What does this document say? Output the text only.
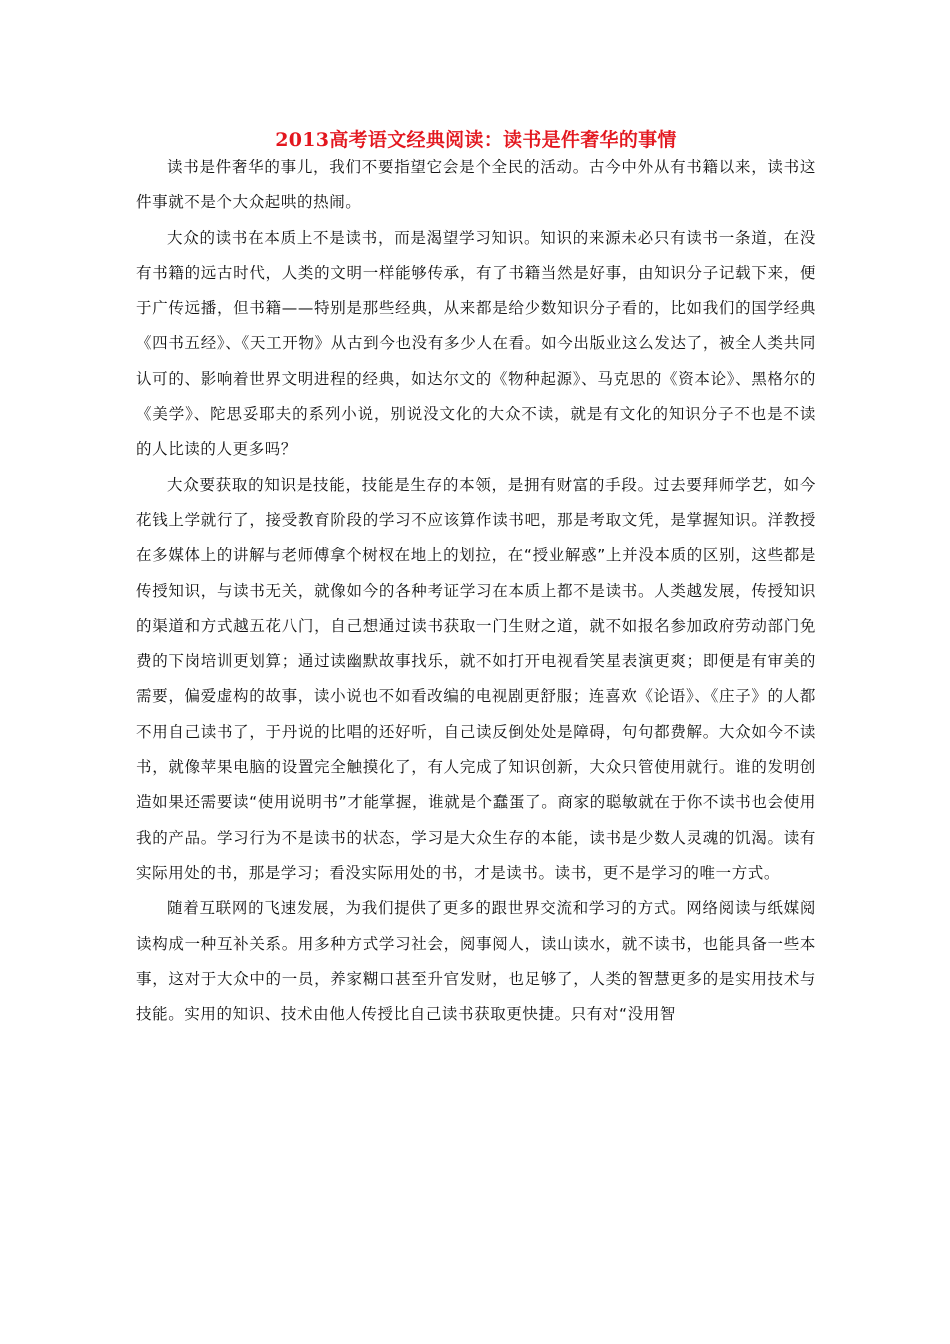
2013高考语文经典阅读：读书是件奢华的事情

读书是件奢华的事儿，我们不要指望它会是个全民的活动。古今中外从有书籍以来，读书这件事就不是个大众起哄的热闹。

大众的读书在本质上不是读书，而是渴望学习知识。知识的来源未必只有读书一条道，在没有书籍的远古时代，人类的文明一样能够传承，有了书籍当然是好事，由知识分子记载下来，便于广传远播，但书籍——特别是那些经典，从来都是给少数知识分子看的，比如我们的国学经典《四书五经》、《天工开物》从古到今也没有多少人在看。如今出版业这么发达了，被全人类共同认可的、影响着世界文明进程的经典，如达尔文的《物种起源》、马克思的《资本论》、黑格尔的《美学》、陀思妥耶夫的系列小说，别说没文化的大众不读，就是有文化的知识分子不也是不读的人比读的人更多吗？

大众要获取的知识是技能，技能是生存的本领，是拥有财富的手段。过去要拜师学艺，如今花钱上学就行了，接受教育阶段的学习不应该算作读书吧，那是考取文凭，是掌握知识。洋教授在多媒体上的讲解与老师傅拿个树杈在地上的划拉，在“授业解惑”上并没本质的区别，这些都是传授知识，与读书无关，就像如今的各种考证学习在本质上都不是读书。人类越发展，传授知识的渠道和方式越五花八门，自己想通过读书获取一门生财之道，就不如报名参加政府劳动部门免费的下岗培训更划算；通过读幽默故事找乐，就不如打开电视看笑星表演更爽；即便是有审美的需要，偏爱虚构的故事，读小说也不如看改编的电视剧更舒服；连喜欢《论语》、《庄子》的人都不用自己读书了，于丹说的比唱的还好听，自己读反倒处处是障碍，句句都费解。大众如今不读书，就像苹果电脑的设置完全触摸化了，有人完成了知识创新，大众只管使用就行。谁的发明创造如果还需要读“使用说明书”才能掌握，谁就是个蠢蛋了。商家的聪敏就在于你不读书也会使用我的产品。学习行为不是读书的状态，学习是大众生存的本能，读书是少数人灵魂的饥渴。读有实际用处的书，那是学习；看没实际用处的书，才是读书。读书，更不是学习的唯一方式。

随着互联网的飞速发展，为我们提供了更多的跟世界交流和学习的方式。网络阅读与纸媒阅读构成一种互补关系。用多种方式学习社会，阅事阅人，读山读水，就不读书，也能具备一些本事，这对于大众中的一员，养家糊口甚至升官发财，也足够了，人类的智慧更多的是实用技术与技能。实用的知识、技术由他人传授比自己读书获取更快捷。只有对“没用智
